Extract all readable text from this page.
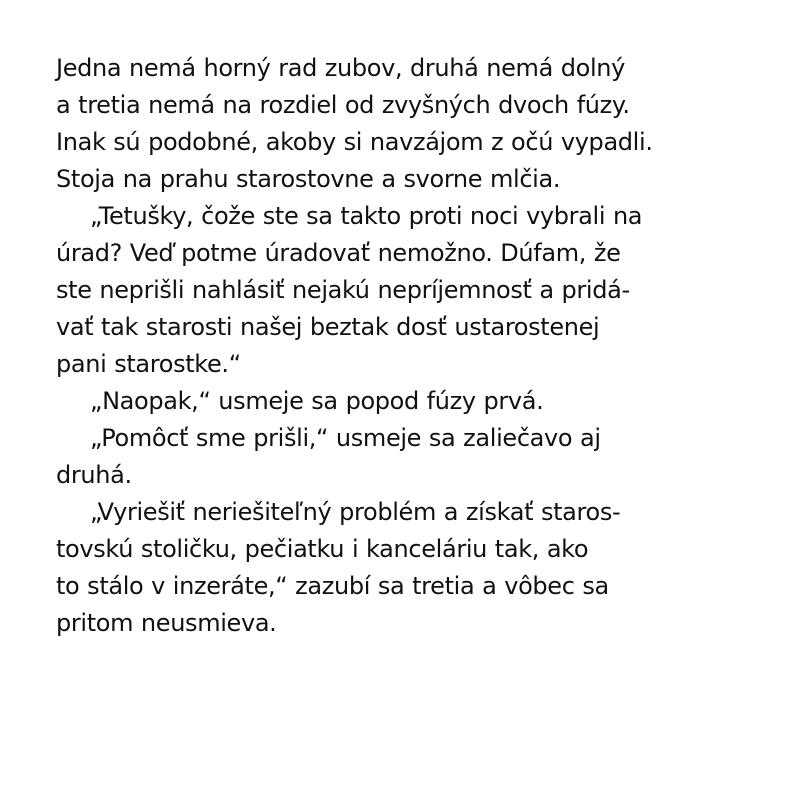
Jedna nemá horný rad zubov, druhá nemá dolný
a tretia nemá na rozdiel od zvyšných dvoch fúzy.
Inak sú podobné, akoby si navzájom z očú vypadli.
Stoja na prahu starostovne a svorne mlčia.
„Tetušky, čože ste sa takto proti noci vybrali na
úrad? Veď potme úradovať nemožno. Dúfam, že
ste neprišli nahlásiť nejakú nepríjemnosť a pridá-
vať tak starosti našej beztak dosť ustarostenej
pani starostke.“
„Naopak,“ usmeje sa popod fúzy prvá.
„Pomôcť sme prišli,“ usmeje sa zaliečavo aj
druhá.
„Vyriešiť neriešiteľný problém a získať staros-
tovskú stoličku, pečiatku i kanceláriu tak, ako
to stálo v inzeráte,“ zazubí sa tretia a vôbec sa
pritom neusmieva.
